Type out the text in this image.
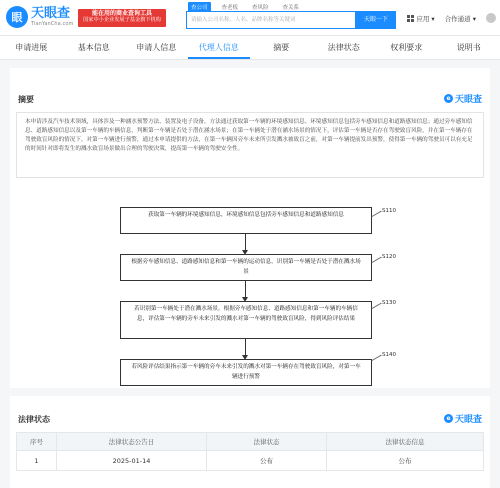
眼 天眼查
TianYanCha.com
能在用的商业查询工具
国家中小企业发展子基金旗下机构
查公司	查老板	查风险	查关系
请输入公司名称、人名、品牌名称等关键词	天眼一下	应用 ▾ 合作通道 ▾
申请进展	基本信息	申请人信息	代理人信息	摘要	法律状态	权利要求	说明书
摘要	e 天眼查
本申请涉及汽车技术领域，具体涉及一种涵水预警方法、装置及电子设备，方法通过获取第一车辆的环境感知信息、环境感知信息包括旁车感知信息和道路感知信息；通过旁车感知信息、道路感知信息以及第一车辆的车辆信息，判断第一车辆是否处于潜在涵水场景；在第一车辆处于潜在涵水场景的情况下，评估第一车辆是否存在驾驶致盲风险，并在第一车辆存在驾驶致盲风险的情况下，对第一车辆进行预警，通过本申请提供的方法，在第一车辆因旁车未来所引发溅水被致盲之前，对第一车辆提前发出预警，使得第一车辆的驾驶员可以有充足的时间针对即将发生的溅水致盲场景做出合理的驾驶决策，提高第一车辆的驾驶安全性。
获取第一车辆的环境感知信息，环境感知信息包括旁车感知信息和道路感知信息
S110
根据旁车感知信息、道路感知信息和第一车辆的运动信息，识别第一车辆是否处于潜在溅水场景
S120
若识别第一车辆处于潜在溅水场景，根据旁车感知信息、道路感知信息和第一车辆的车辆信息，评估第一车辆的旁车未来引发的溅水对第一车辆的驾驶致盲风险，得到风险评估结果
S130
若风险评估结果指示第一车辆的旁车未来引发的溅水对第一车辆存在驾驶致盲风险，对第一车辆进行预警
S140
法律状态	e 天眼查
序号	法律状态公告日	法律状态	法律状态信息
1	2025-01-14	公布	公布
